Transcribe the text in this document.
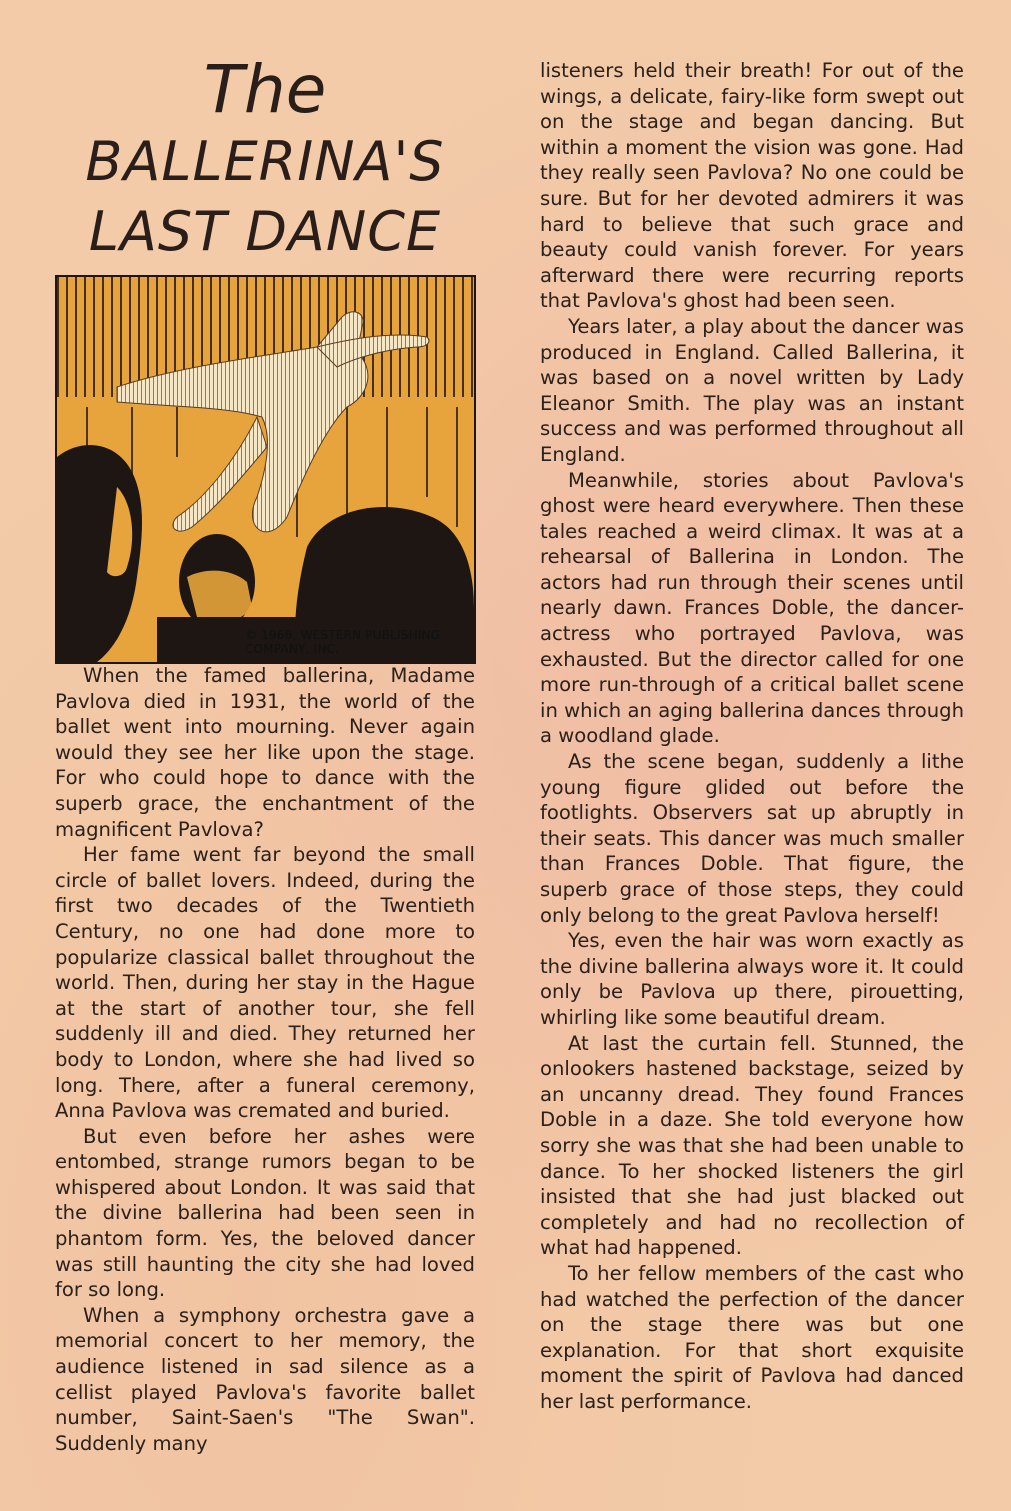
The
BALLERINA'S
LAST DANCE
© 1968, WESTERN PUBLISHING COMPANY, INC.

When the famed ballerina, Madame Pavlova died in 1931, the world of the ballet went into mourning. Never again would they see her like upon the stage. For who could hope to dance with the superb grace, the enchantment of the magnificent Pavlova?

Her fame went far beyond the small circle of ballet lovers. Indeed, during the first two decades of the Twentieth Century, no one had done more to popularize classical ballet throughout the world. Then, during her stay in the Hague at the start of another tour, she fell suddenly ill and died. They returned her body to London, where she had lived so long. There, after a funeral ceremony, Anna Pavlova was cremated and buried.

But even before her ashes were entombed, strange rumors began to be whispered about London. It was said that the divine ballerina had been seen in phantom form. Yes, the beloved dancer was still haunting the city she had loved for so long.

When a symphony orchestra gave a memorial concert to her memory, the audience listened in sad silence as a cellist played Pavlova's favorite ballet number, Saint-Saen's "The Swan". Suddenly many

listeners held their breath! For out of the wings, a delicate, fairy-like form swept out on the stage and began dancing. But within a moment the vision was gone. Had they really seen Pavlova? No one could be sure. But for her devoted admirers it was hard to believe that such grace and beauty could vanish forever. For years afterward there were recurring reports that Pavlova's ghost had been seen.

Years later, a play about the dancer was produced in England. Called Ballerina, it was based on a novel written by Lady Eleanor Smith. The play was an instant success and was performed throughout all England.

Meanwhile, stories about Pavlova's ghost were heard everywhere. Then these tales reached a weird climax. It was at a rehearsal of Ballerina in London. The actors had run through their scenes until nearly dawn. Frances Doble, the dancer-actress who portrayed Pavlova, was exhausted. But the director called for one more run-through of a critical ballet scene in which an aging ballerina dances through a woodland glade.

As the scene began, suddenly a lithe young figure glided out before the footlights. Observers sat up abruptly in their seats. This dancer was much smaller than Frances Doble. That figure, the superb grace of those steps, they could only belong to the great Pavlova herself!

Yes, even the hair was worn exactly as the divine ballerina always wore it. It could only be Pavlova up there, pirouetting, whirling like some beautiful dream.

At last the curtain fell. Stunned, the onlookers hastened backstage, seized by an uncanny dread. They found Frances Doble in a daze. She told everyone how sorry she was that she had been unable to dance. To her shocked listeners the girl insisted that she had just blacked out completely and had no recollection of what had happened.

To her fellow members of the cast who had watched the perfection of the dancer on the stage there was but one explanation. For that short exquisite moment the spirit of Pavlova had danced her last performance.
